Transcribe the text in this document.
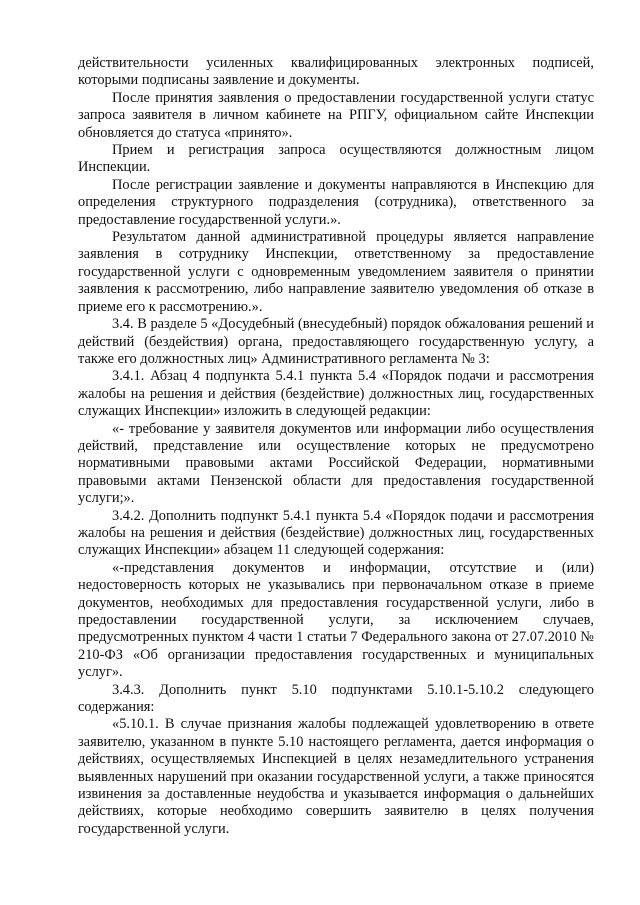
действительности усиленных квалифицированных электронных подписей, которыми подписаны заявление и документы.

После принятия заявления о предоставлении государственной услуги статус запроса заявителя в личном кабинете на РПГУ, официальном сайте Инспекции обновляется до статуса «принято».

Прием и регистрация запроса осуществляются должностным лицом Инспекции.

После регистрации заявление и документы направляются в Инспекцию для определения структурного подразделения (сотрудника), ответственного за предоставление государственной услуги.».

Результатом данной административной процедуры является направление заявления в сотруднику Инспекции, ответственному за предоставление государственной услуги с одновременным уведомлением заявителя о принятии заявления к рассмотрению, либо направление заявителю уведомления об отказе в приеме его к рассмотрению.».

3.4. В разделе 5 «Досудебный (внесудебный) порядок обжалования решений и действий (бездействия) органа, предоставляющего государственную услугу, а также его должностных лиц» Административного регламента № 3:

3.4.1. Абзац 4 подпункта 5.4.1 пункта 5.4 «Порядок подачи и рассмотрения жалобы на решения и действия (бездействие) должностных лиц, государственных служащих Инспекции» изложить в следующей редакции:

«- требование у заявителя документов или информации либо осуществления действий, представление или осуществление которых не предусмотрено нормативными правовыми актами Российской Федерации, нормативными правовыми актами Пензенской области для предоставления государственной услуги;».

3.4.2. Дополнить подпункт 5.4.1 пункта 5.4 «Порядок подачи и рассмотрения жалобы на решения и действия (бездействие) должностных лиц, государственных служащих Инспекции» абзацем 11 следующей содержания:

«-представления документов и информации, отсутствие и (или) недостоверность которых не указывались при первоначальном отказе в приеме документов, необходимых для предоставления государственной услуги, либо в предоставлении государственной услуги, за исключением случаев, предусмотренных пунктом 4 части 1 статьи 7 Федерального закона от 27.07.2010 № 210-ФЗ «Об организации предоставления государственных и муниципальных услуг».

3.4.3. Дополнить пункт 5.10 подпунктами 5.10.1-5.10.2 следующего содержания:

«5.10.1. В случае признания жалобы подлежащей удовлетворению в ответе заявителю, указанном в пункте 5.10 настоящего регламента, дается информация о действиях, осуществляемых Инспекцией в целях незамедлительного устранения выявленных нарушений при оказании государственной услуги, а также приносятся извинения за доставленные неудобства и указывается информация о дальнейших действиях, которые необходимо совершить заявителю в целях получения государственной услуги.
